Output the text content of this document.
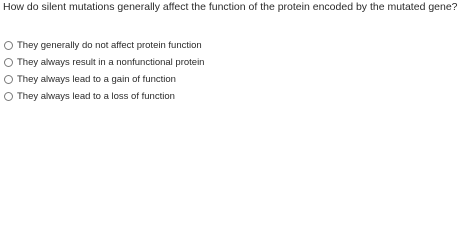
How do silent mutations generally affect the function of the protein encoded by the mutated gene?
They generally do not affect protein function
They always result in a nonfunctional protein
They always lead to a gain of function
They always lead to a loss of function
